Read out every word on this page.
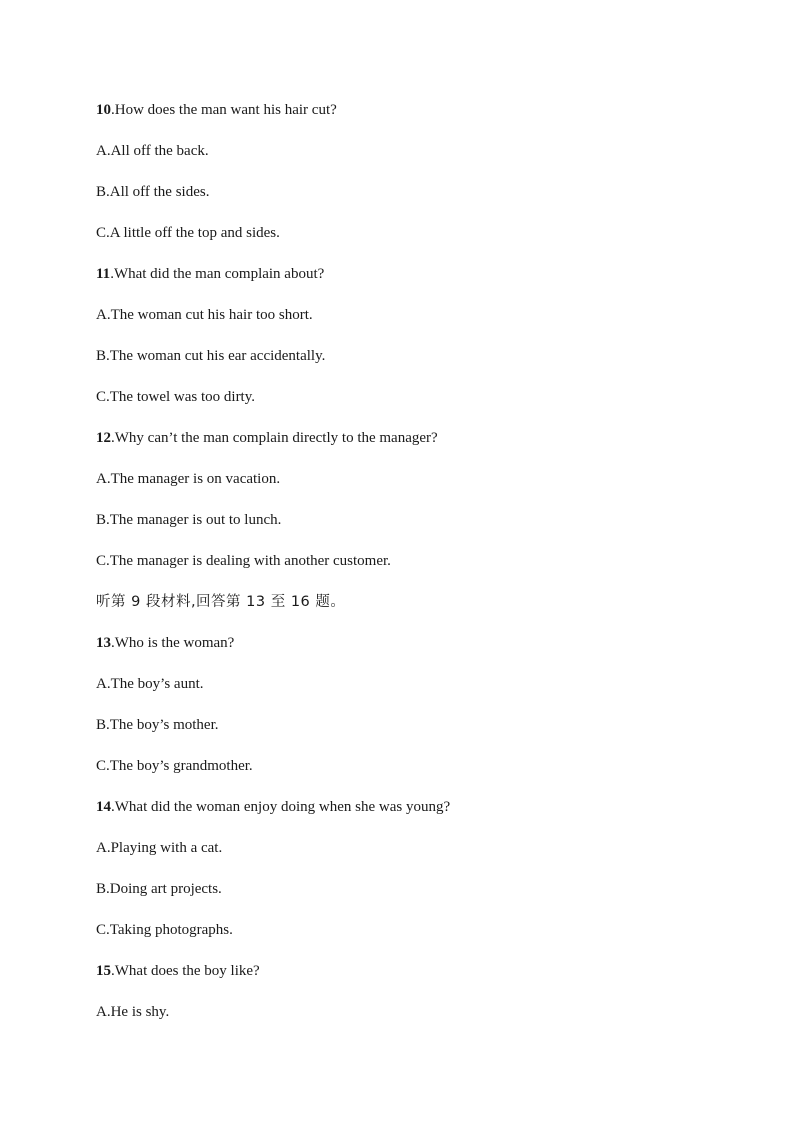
10.How does the man want his hair cut?
A.All off the back.
B.All off the sides.
C.A little off the top and sides.
11.What did the man complain about?
A.The woman cut his hair too short.
B.The woman cut his ear accidentally.
C.The towel was too dirty.
12.Why can’t the man complain directly to the manager?
A.The manager is on vacation.
B.The manager is out to lunch.
C.The manager is dealing with another customer.
听第 9 段材料,回答第 13 至 16 题。
13.Who is the woman?
A.The boy’s aunt.
B.The boy’s mother.
C.The boy’s grandmother.
14.What did the woman enjoy doing when she was young?
A.Playing with a cat.
B.Doing art projects.
C.Taking photographs.
15.What does the boy like?
A.He is shy.
